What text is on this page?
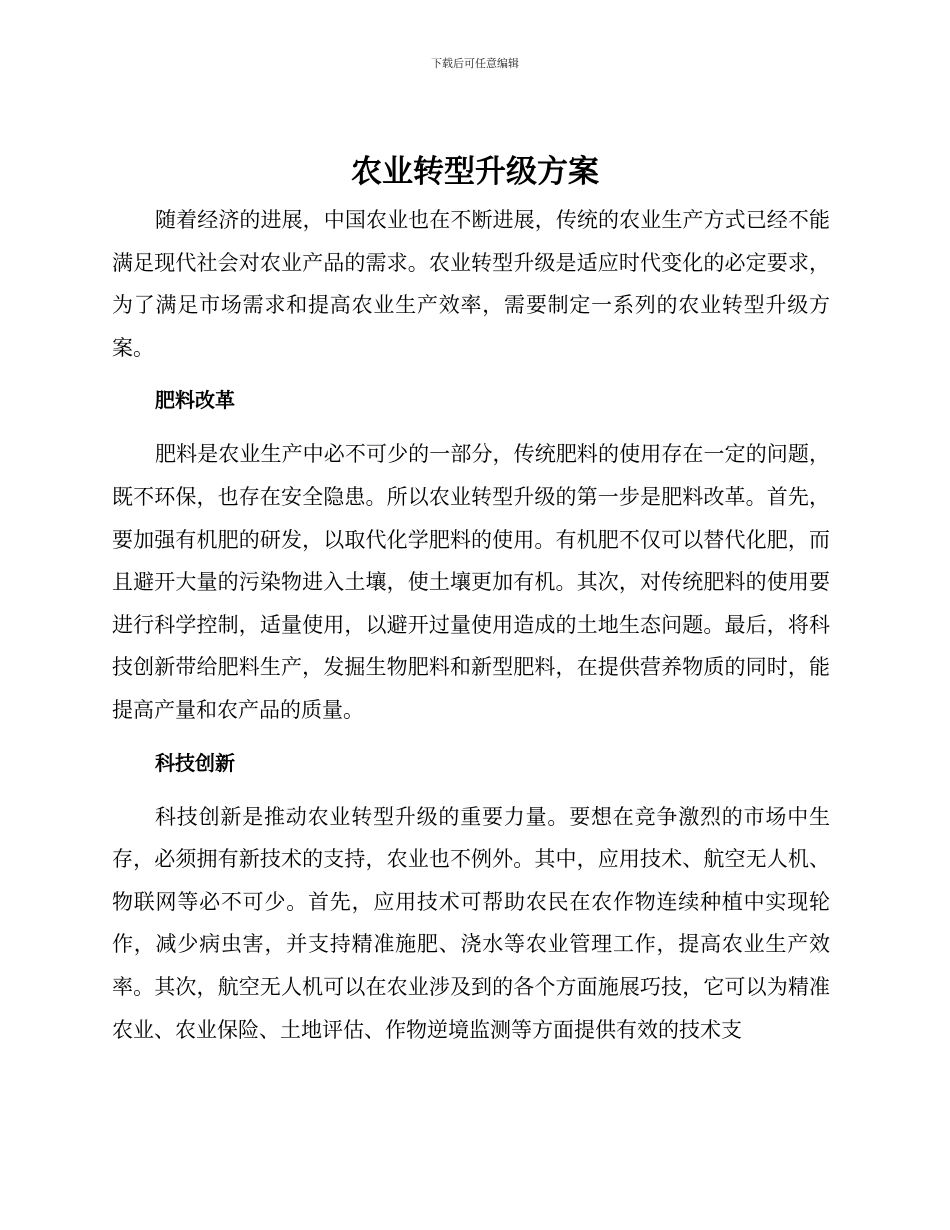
下载后可任意编辑
农业转型升级方案

随着经济的进展，中国农业也在不断进展，传统的农业生产方式已经不能满足现代社会对农业产品的需求。农业转型升级是适应时代变化的必定要求，为了满足市场需求和提高农业生产效率，需要制定一系列的农业转型升级方案。

肥料改革

肥料是农业生产中必不可少的一部分，传统肥料的使用存在一定的问题，既不环保，也存在安全隐患。所以农业转型升级的第一步是肥料改革。首先，要加强有机肥的研发，以取代化学肥料的使用。有机肥不仅可以替代化肥，而且避开大量的污染物进入土壤，使土壤更加有机。其次，对传统肥料的使用要进行科学控制，适量使用，以避开过量使用造成的土地生态问题。最后，将科技创新带给肥料生产，发掘生物肥料和新型肥料，在提供营养物质的同时，能提高产量和农产品的质量。

科技创新

科技创新是推动农业转型升级的重要力量。要想在竞争激烈的市场中生存，必须拥有新技术的支持，农业也不例外。其中，应用技术、航空无人机、物联网等必不可少。首先，应用技术可帮助农民在农作物连续种植中实现轮作，减少病虫害，并支持精准施肥、浇水等农业管理工作，提高农业生产效率。其次，航空无人机可以在农业涉及到的各个方面施展巧技，它可以为精准农业、农业保险、土地评估、作物逆境监测等方面提供有效的技术支
